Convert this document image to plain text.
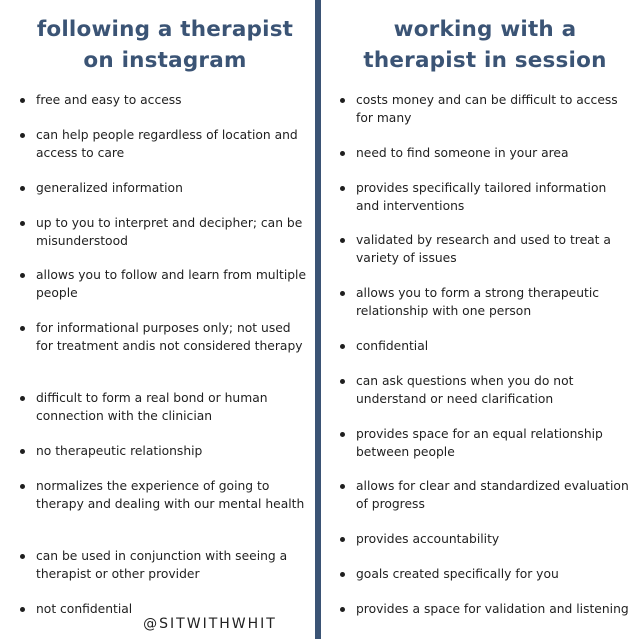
following a therapist
on instagram
free and easy to access
can help people regardless of location and access to care
generalized information
up to you to interpret and decipher; can be misunderstood
allows you to follow and learn from multiple people
for informational purposes only; not used for treatment andis not considered therapy
difficult to form a real bond or human connection with the clinician
no therapeutic relationship
normalizes the experience of going to therapy and dealing with our mental health
can be used in conjunction with seeing a therapist or other provider
not confidential
working with a
therapist in session
costs money and can be difficult to access for many
need to find someone in your area
provides specifically tailored information and interventions
validated by research and used to treat a variety of issues
allows you to form a strong therapeutic relationship with one person
confidential
can ask questions when you do not understand or need clarification
provides space for an equal relationship between people
allows for clear and standardized evaluation of progress
provides accountability
goals created specifically for you
provides a space for validation and listening
@SITWITHWHIT
